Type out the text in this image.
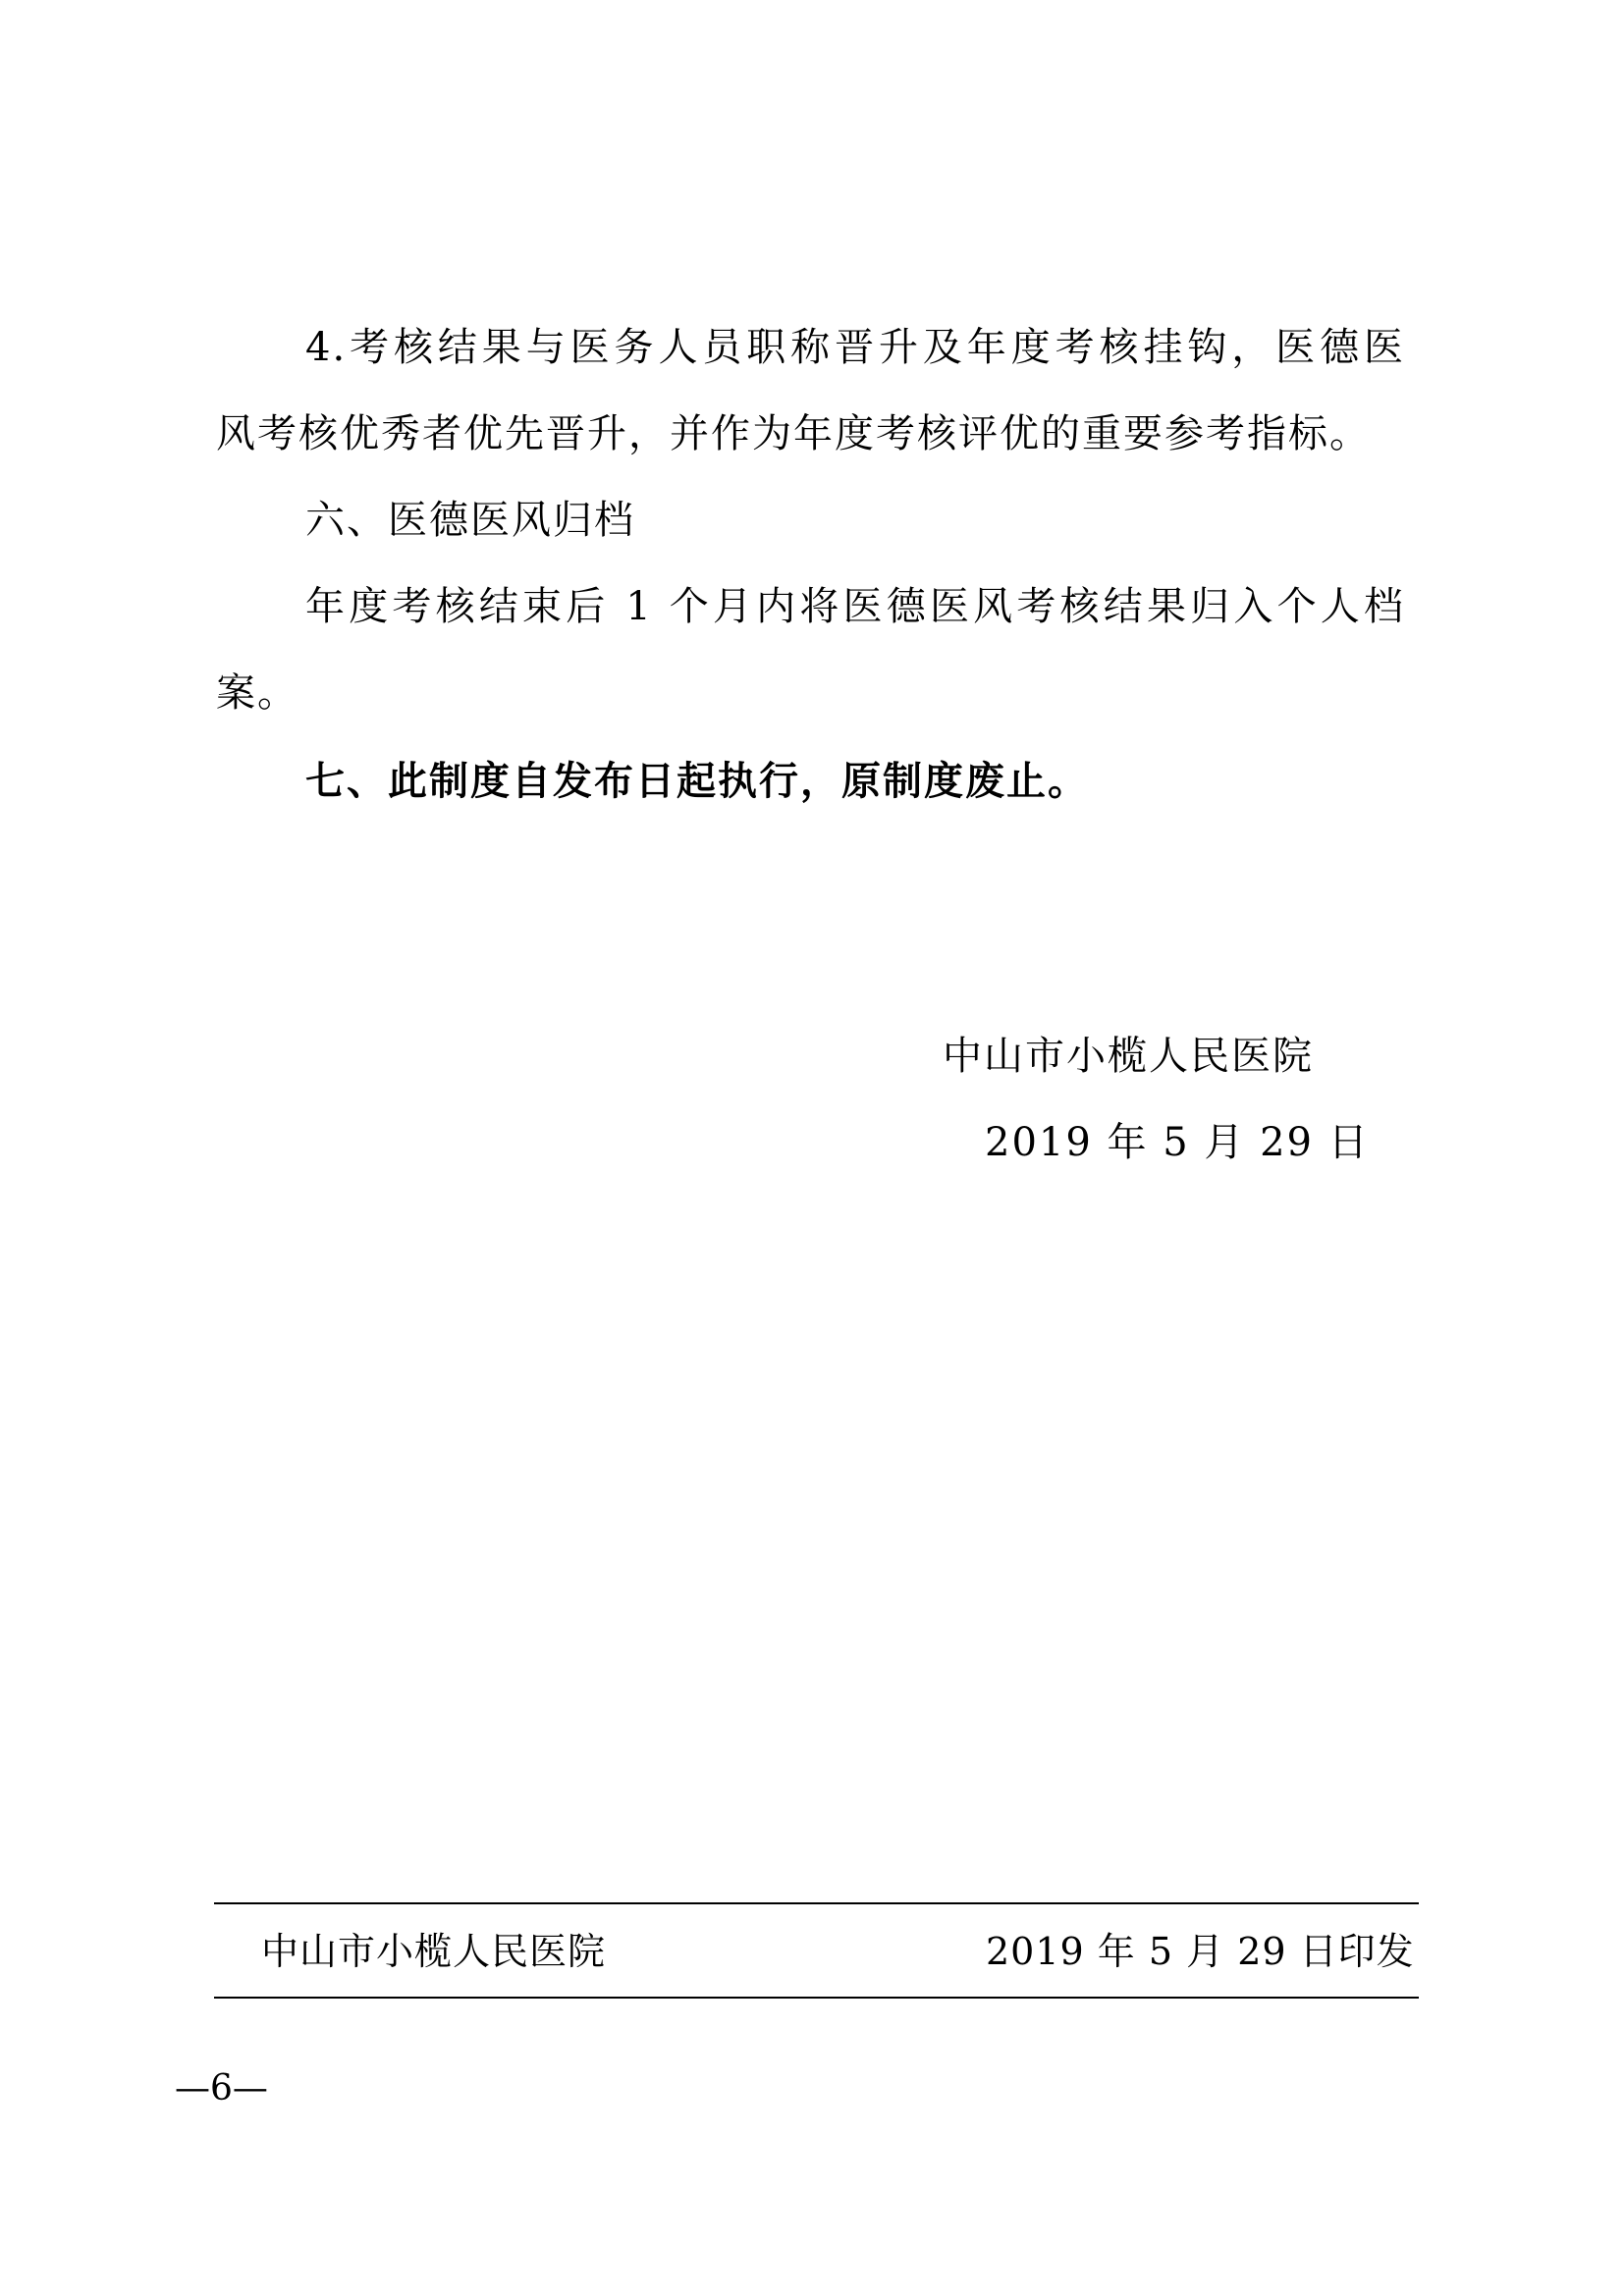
4.考核结果与医务人员职称晋升及年度考核挂钩，医德医
风考核优秀者优先晋升，并作为年度考核评优的重要参考指标。
六、医德医风归档
年度考核结束后 1 个月内将医德医风考核结果归入个人档
案。
七、此制度自发布日起执行，原制度废止。
中山市小榄人民医院
2019 年 5 月 29 日
中山市小榄人民医院	2019 年 5 月 29 日印发
—6—
